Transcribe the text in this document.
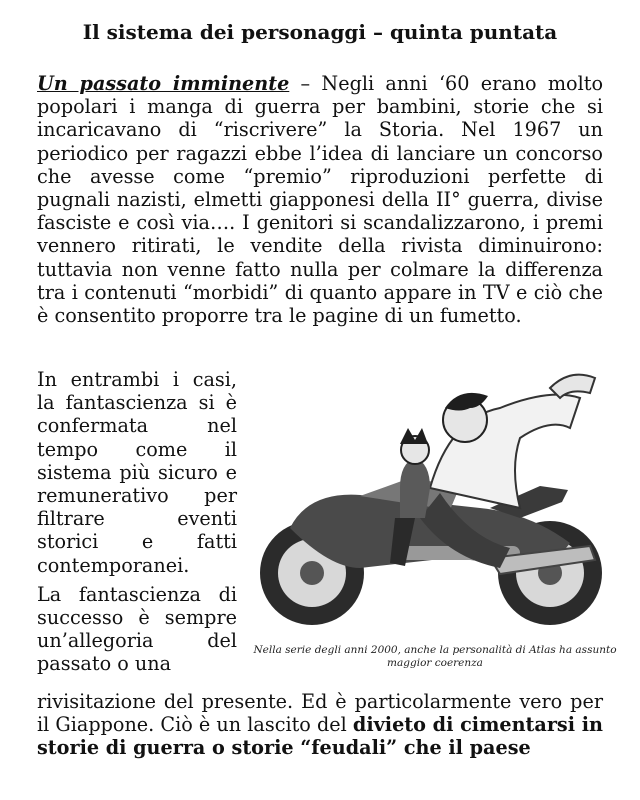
Il sistema dei personaggi – quinta puntata
Un passato imminente – Negli anni ‘60 erano molto popolari i manga di guerra per bambini, storie che si incaricavano di “riscrivere” la Storia. Nel 1967 un periodico per ragazzi ebbe l’idea di lanciare un concorso che avesse come “premio” riproduzioni perfette di pugnali nazisti, elmetti giapponesi della II° guerra, divise fasciste e così via…. I genitori si scandalizzarono, i premi vennero ritirati, le vendite della rivista diminuirono: tuttavia non venne fatto nulla per colmare la differenza tra i contenuti “morbidi” di quanto appare in TV e ciò che è consentito proporre tra le pagine di un fumetto.

In entrambi i casi, la fantascienza si è confermata nel tempo come il sistema più sicuro e remunerativo per filtrare eventi storici e fatti contemporanei.

La fantascienza di successo è sempre un’allegoria del passato o una

Nella serie degli anni 2000, anche la personalità di Atlas ha assunto maggior coerenza
rivisitazione del presente. Ed è particolarmente vero per il Giappone. Ciò è un lascito del divieto di cimentarsi in storie di guerra o storie “feudali” che il paese
